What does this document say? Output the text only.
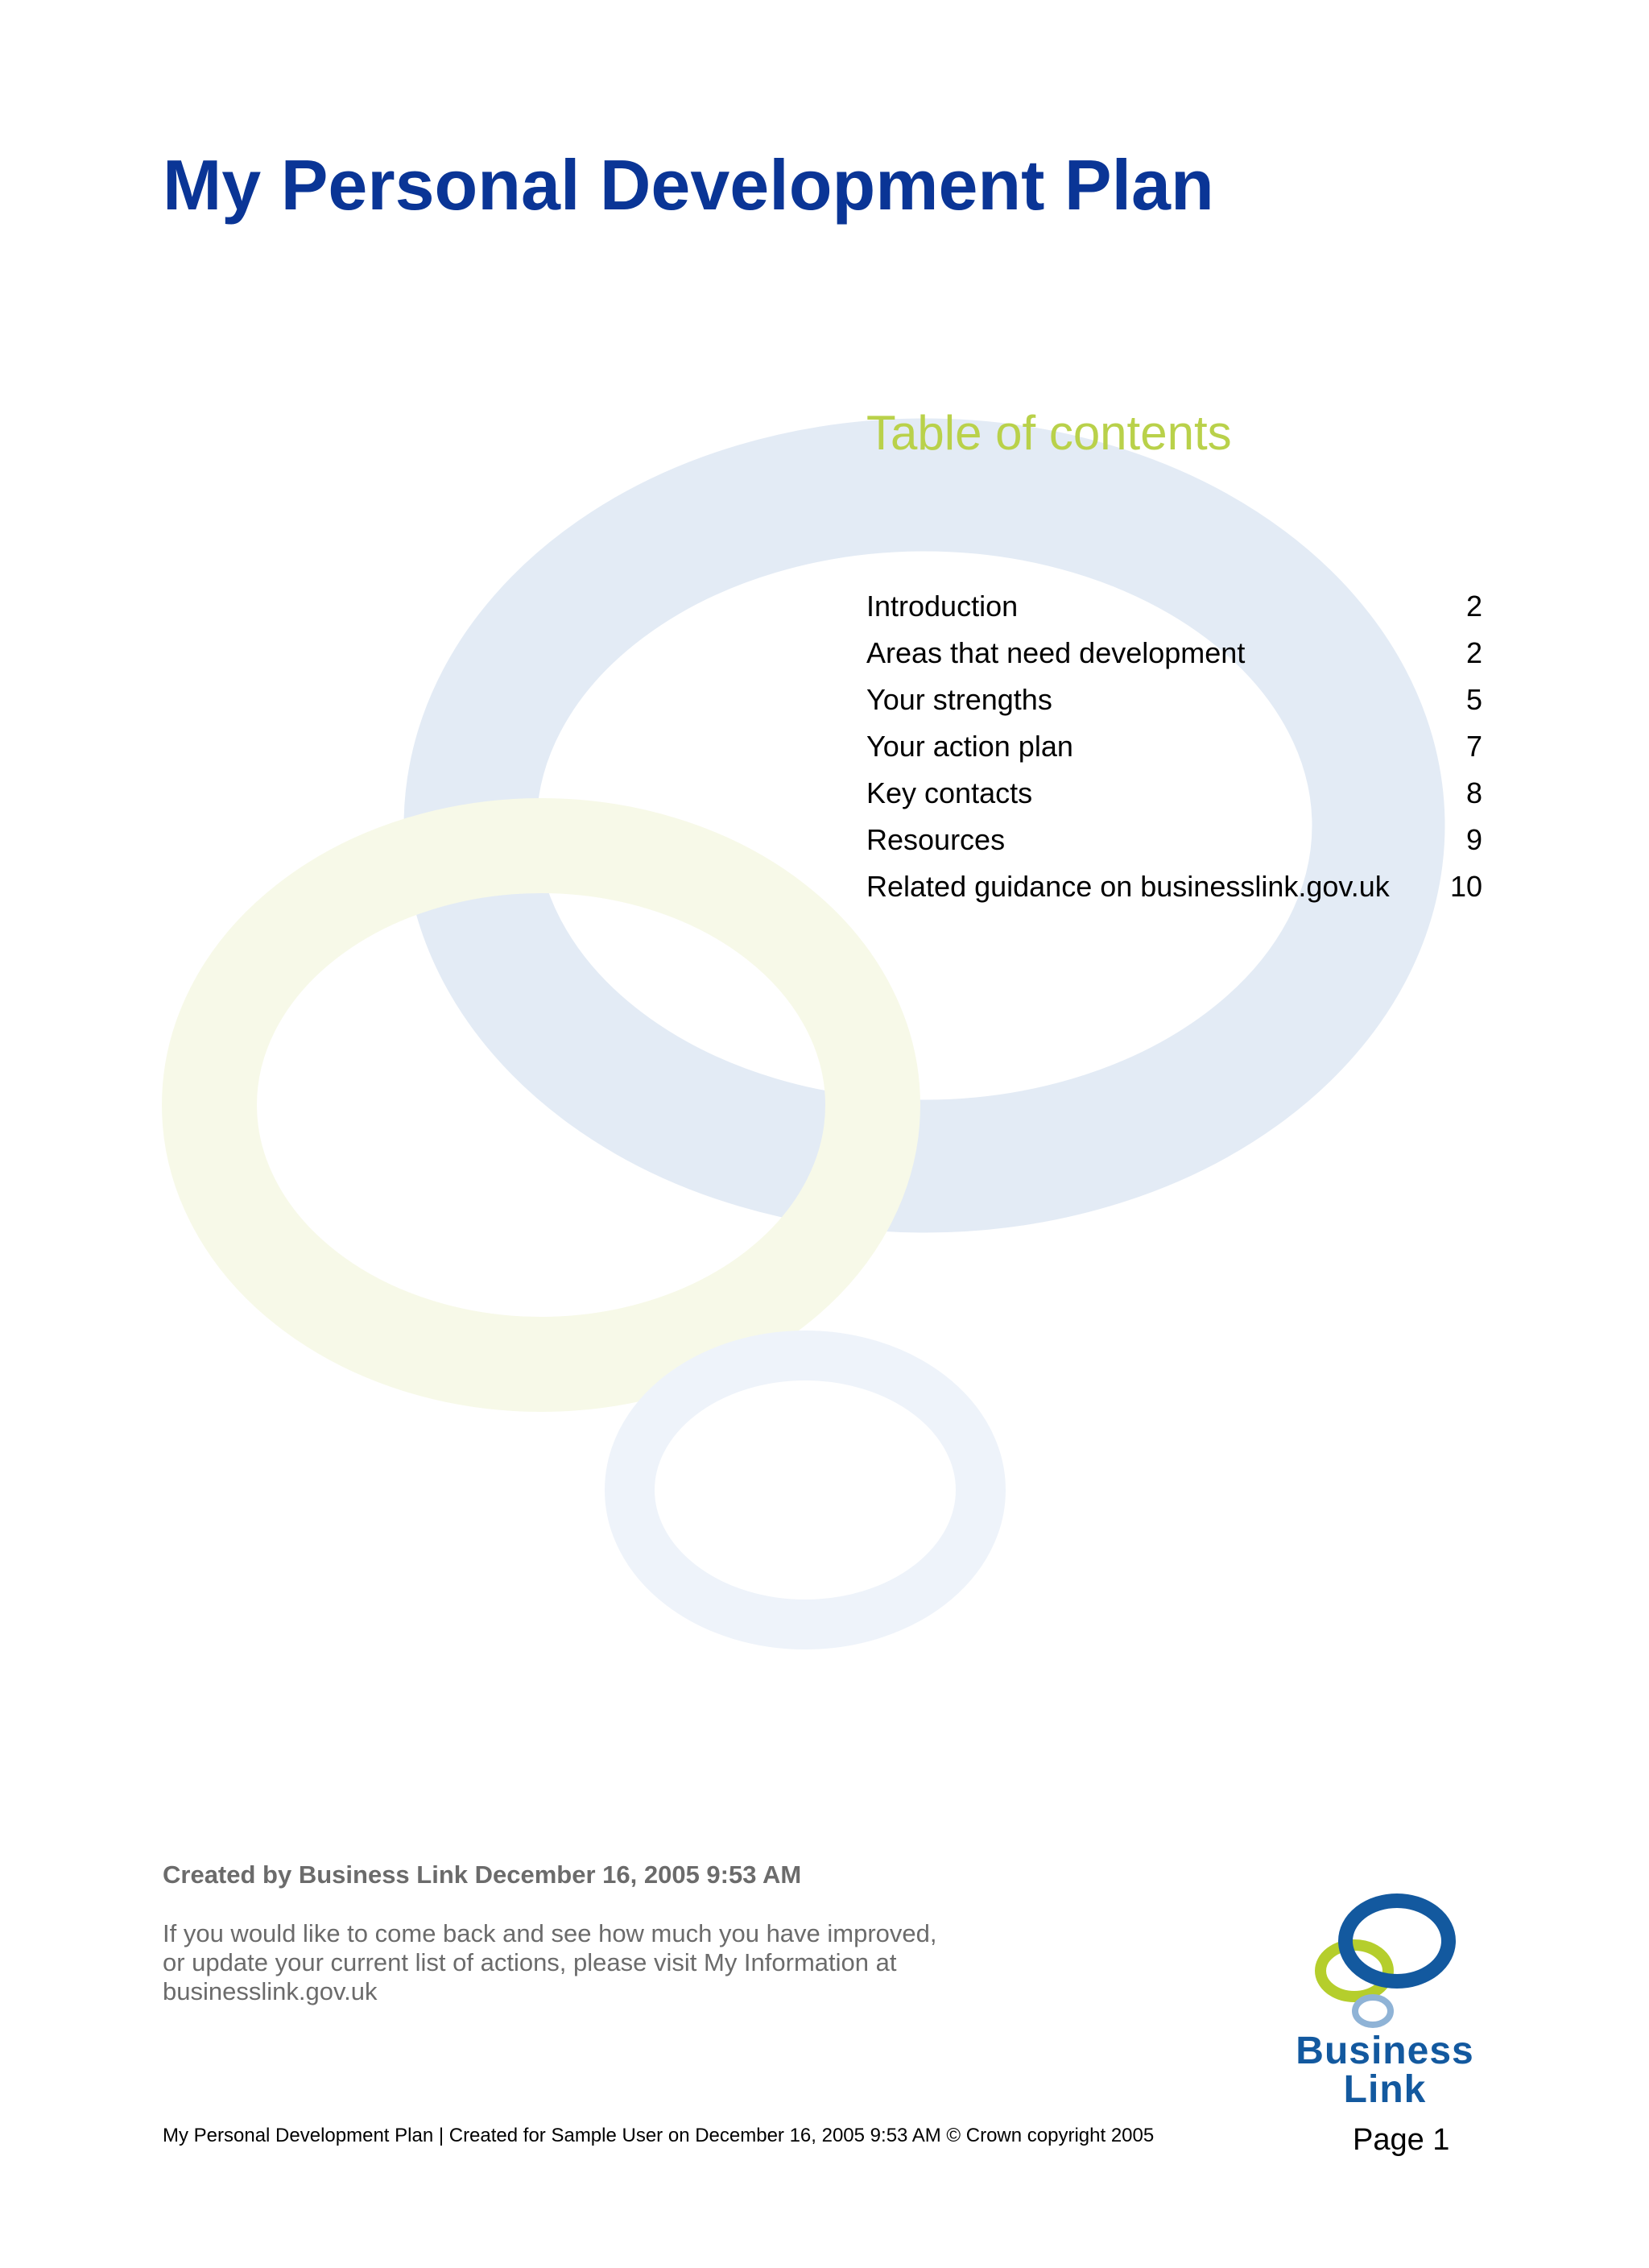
My Personal Development Plan
Table of contents
Introduction	2
Areas that need development	2
Your strengths	5
Your action plan	7
Key contacts	8
Resources	9
Related guidance on businesslink.gov.uk 10
Created by Business Link December 16, 2005 9:53 AM
If you would like to come back and see how much you have improved,
or update your current list of actions, please visit My Information at
businesslink.gov.uk
Business
Link
My Personal Development Plan | Created for Sample User on December 16, 2005 9:53 AM © Crown copyright 2005	Page 1
